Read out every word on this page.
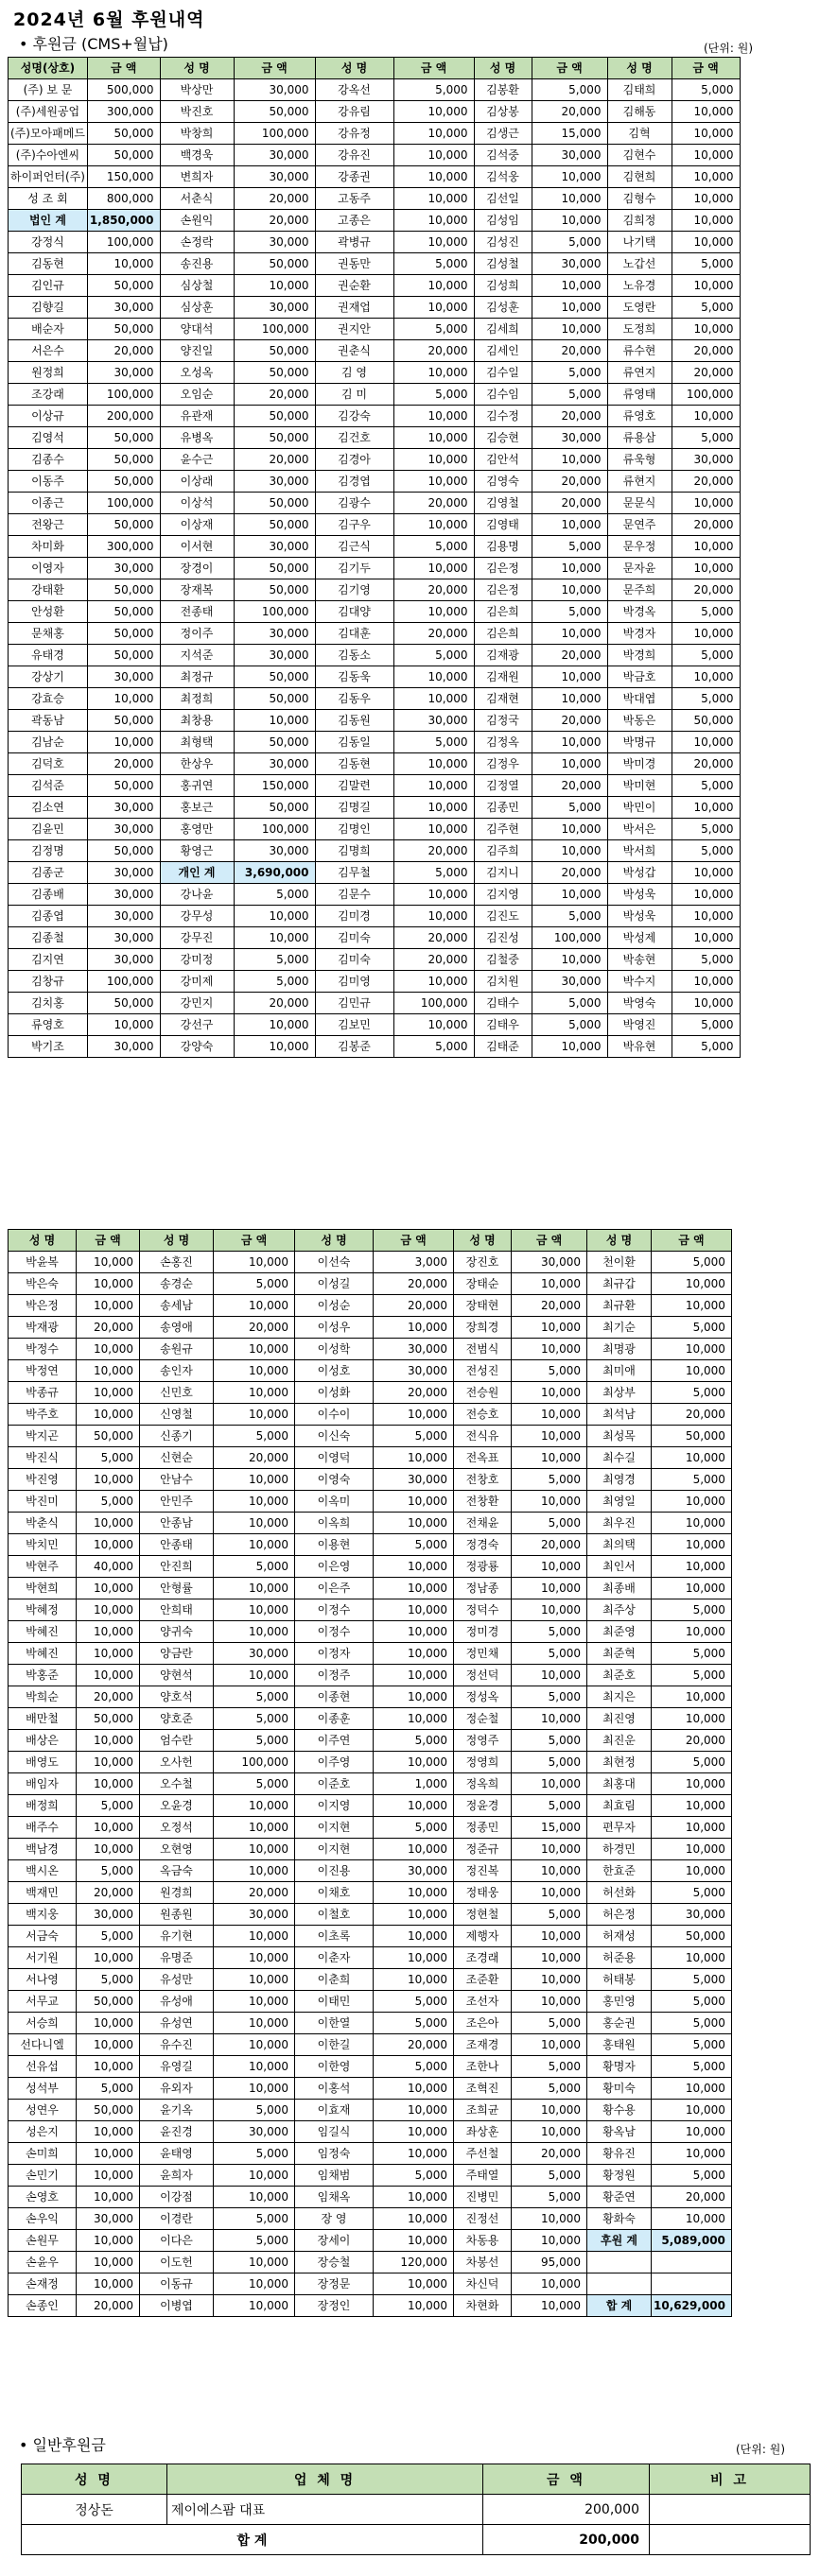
2024년 6월 후원내역
• 후원금 (CMS+월납)	(단위: 원)
성명(상호)	금 액	성 명	금 액	성 명	금 액	성 명	금 액	성 명	금 액
(주) 보 문	500,000	박상만	30,000	강옥선	5,000	김봉환	5,000	김태희	5,000
(주)세원공업	300,000	박진호	50,000	강유림	10,000	김상봉	20,000	김해동	10,000
(주)모아패메드	50,000	박창희	100,000	강유정	10,000	김생근	15,000	김혁	10,000
(주)수아엔씨	50,000	백경욱	30,000	강유진	10,000	김석중	30,000	김현수	10,000
하이퍼언터(주)	150,000	변희자	30,000	강종권	10,000	김석웅	10,000	김현희	10,000
성 조 회	800,000	서춘식	20,000	고동주	10,000	김선일	10,000	김형수	10,000
법인 계	1,850,000	손원익	20,000	고종은	10,000	김성임	10,000	김희정	10,000
강정식	100,000	손정락	30,000	곽병규	10,000	김성진	5,000	나기택	10,000
김동현	10,000	송진용	50,000	권동만	5,000	김성철	30,000	노갑선	5,000
김인규	50,000	심상철	10,000	권순환	10,000	김성희	10,000	노유경	10,000
김향길	30,000	심상훈	30,000	권재업	10,000	김성훈	10,000	도영란	5,000
배순자	50,000	양대석	100,000	권지안	5,000	김세희	10,000	도정희	10,000
서은수	20,000	양진일	50,000	권춘식	20,000	김세인	20,000	류수현	20,000
원정희	30,000	오성옥	50,000	김 영	10,000	김수일	5,000	류연지	20,000
조강래	100,000	오임순	20,000	김 미	5,000	김수임	5,000	류영태	100,000
이상규	200,000	유관재	50,000	김강숙	10,000	김수정	20,000	류영호	10,000
김영석	50,000	유병옥	50,000	김건호	10,000	김승현	30,000	류용삼	5,000
김종수	50,000	윤수근	20,000	김경아	10,000	김안석	10,000	류욱형	30,000
이동주	50,000	이상래	30,000	김경엽	10,000	김영숙	20,000	류현지	20,000
이종근	100,000	이상석	50,000	김광수	20,000	김영철	20,000	문문식	10,000
전왕근	50,000	이상재	50,000	김구우	10,000	김영태	10,000	문연주	20,000
차미화	300,000	이서현	30,000	김근식	5,000	김용명	5,000	문우정	10,000
이영자	30,000	장경이	50,000	김기두	10,000	김은정	10,000	문자윤	10,000
강태환	50,000	장재복	50,000	김기영	20,000	김은정	10,000	문주희	20,000
안성환	50,000	전종태	100,000	김대양	10,000	김은희	5,000	박경옥	5,000
문채홍	50,000	정이주	30,000	김대훈	20,000	김은희	10,000	박경자	10,000
유태경	50,000	지석준	30,000	김동소	5,000	김재광	20,000	박경희	5,000
강상기	30,000	최정규	50,000	김동욱	10,000	김재원	10,000	박금호	10,000
강효승	10,000	최정희	50,000	김동우	10,000	김재현	10,000	박대엽	5,000
곽동남	50,000	최창용	10,000	김동원	30,000	김정국	20,000	박동은	50,000
김남순	10,000	최형택	50,000	김동일	5,000	김정옥	10,000	박명규	10,000
김덕호	20,000	한상우	30,000	김동현	10,000	김정우	10,000	박미경	20,000
김석준	50,000	홍귀연	150,000	김말련	10,000	김정열	20,000	박미현	5,000
김소연	30,000	홍보근	50,000	김명길	10,000	김종민	5,000	박민이	10,000
김윤민	30,000	홍영만	100,000	김명인	10,000	김주현	10,000	박서은	5,000
김정명	50,000	황영근	30,000	김명희	20,000	김주희	10,000	박서희	5,000
김종군	30,000	개인 계	3,690,000	김무철	5,000	김지니	20,000	박성갑	10,000
김종배	30,000	강나윤	5,000	김문수	10,000	김지영	10,000	박성욱	10,000
김종엽	30,000	강무성	10,000	김미경	10,000	김진도	5,000	박성욱	10,000
김종철	30,000	강무진	10,000	김미숙	20,000	김진성	100,000	박성제	10,000
김지연	30,000	강미정	5,000	김미숙	20,000	김철중	10,000	박송현	5,000
김창규	100,000	강미제	5,000	김미영	10,000	김치원	30,000	박수지	10,000
김치홍	50,000	강민지	20,000	김민규	100,000	김태수	5,000	박영숙	10,000
류영호	10,000	강선구	10,000	김보민	10,000	김태우	5,000	박영진	5,000
박기조	30,000	강양숙	10,000	김봉준	5,000	김태준	10,000	박유현	5,000
성 명	금 액	성 명	금 액	성 명	금 액	성 명	금 액	성 명	금 액
박윤복	10,000	손홍진	10,000	이선숙	3,000	장진호	30,000	천이환	5,000
박은숙	10,000	송경순	5,000	이성길	20,000	장태순	10,000	최규갑	10,000
박은정	10,000	송세남	10,000	이성순	20,000	장태현	20,000	최규환	10,000
박재광	20,000	송영애	20,000	이성우	10,000	장희경	10,000	최기순	5,000
박정수	10,000	송원규	10,000	이성학	30,000	전범식	10,000	최명광	10,000
박정연	10,000	송인자	10,000	이성호	30,000	전성진	5,000	최미애	10,000
박종규	10,000	신민호	10,000	이성화	20,000	전승원	10,000	최상부	5,000
박주호	10,000	신영철	10,000	이수이	10,000	전승호	10,000	최석남	20,000
박지곤	50,000	신종기	5,000	이신숙	5,000	전식유	10,000	최성목	50,000
박진식	5,000	신현순	20,000	이영덕	10,000	전옥표	10,000	최수길	10,000
박진영	10,000	안남수	10,000	이영숙	30,000	전창호	5,000	최영경	5,000
박진미	5,000	안민주	10,000	이옥미	10,000	전창환	10,000	최영일	10,000
박춘식	10,000	안종남	10,000	이옥희	10,000	전채윤	5,000	최우진	10,000
박치민	10,000	안종태	10,000	이용현	5,000	정경숙	20,000	최의택	10,000
박현주	40,000	안진희	5,000	이은영	10,000	정광룡	10,000	최인서	10,000
박현희	10,000	안형률	10,000	이은주	10,000	정남종	10,000	최종배	10,000
박혜정	10,000	안희태	10,000	이정수	10,000	정덕수	10,000	최주상	5,000
박혜진	10,000	양귀숙	10,000	이정수	10,000	정미경	5,000	최준영	10,000
박혜진	10,000	양금란	30,000	이정자	10,000	정민채	5,000	최준혁	5,000
박홍준	10,000	양현석	10,000	이정주	10,000	정선덕	10,000	최준호	5,000
박희순	20,000	양호석	5,000	이종현	10,000	정성옥	5,000	최지은	10,000
배만철	50,000	양호준	5,000	이종훈	10,000	정순철	10,000	최진영	10,000
배상은	10,000	엄수란	5,000	이주연	5,000	정영주	5,000	최진운	20,000
배영도	10,000	오사헌	100,000	이주영	10,000	정영희	5,000	최현정	5,000
배임자	10,000	오수철	5,000	이준호	1,000	정옥희	10,000	최홍대	10,000
배정희	5,000	오윤경	10,000	이지영	10,000	정윤경	5,000	최효림	10,000
배주수	10,000	오정석	10,000	이지현	5,000	정종민	15,000	편무자	10,000
백남경	10,000	오현영	10,000	이지현	10,000	정준규	10,000	하경민	10,000
백시온	5,000	옥금숙	10,000	이진용	30,000	정진복	10,000	한효준	10,000
백재민	20,000	원경희	20,000	이채호	10,000	정태웅	10,000	허선화	5,000
백지웅	30,000	원종원	30,000	이철호	10,000	정현철	5,000	허은정	30,000
서금숙	5,000	유기현	10,000	이초록	10,000	제행자	10,000	허재성	50,000
서기원	10,000	유명준	10,000	이춘자	10,000	조경래	10,000	허준용	10,000
서나영	5,000	유성만	10,000	이춘희	10,000	조준환	10,000	허태봉	5,000
서무교	50,000	유성애	10,000	이태민	5,000	조선자	10,000	홍민영	5,000
서승희	10,000	유성연	10,000	이한열	5,000	조은아	5,000	홍순권	5,000
선다니엘	10,000	유수진	10,000	이한길	20,000	조재경	10,000	홍태원	5,000
선유섭	10,000	유영길	10,000	이한영	5,000	조한나	5,000	황명자	5,000
성석부	5,000	유외자	10,000	이홍석	10,000	조혁진	5,000	황미숙	10,000
성연우	50,000	윤기옥	5,000	이효재	10,000	조희균	10,000	황수용	10,000
성은지	10,000	윤진경	30,000	임길식	10,000	좌상훈	10,000	황옥남	10,000
손미희	10,000	윤태영	5,000	임정숙	10,000	주선철	20,000	황유진	10,000
손민기	10,000	윤희자	10,000	임채범	5,000	주태열	5,000	황정원	5,000
손영호	10,000	이강점	10,000	임채옥	10,000	진병민	5,000	황준연	20,000
손우익	30,000	이경란	5,000	장 영	10,000	진정선	10,000	황화숙	10,000
손원무	10,000	이다은	5,000	장세이	10,000	차동용	10,000	후원 계	5,089,000
손윤우	10,000	이도헌	10,000	장승철	120,000	차봉선	95,000		
손재정	10,000	이동규	10,000	장정문	10,000	차신덕	10,000		
손종인	20,000	이병엽	10,000	장정인	10,000	차현화	10,000	합 계	10,629,000
• 일반후원금	(단위: 원)
성 명	업 체 명	금 액	비 고
정상돈	제이에스팜 대표	200,000	
합 계		200,000	
